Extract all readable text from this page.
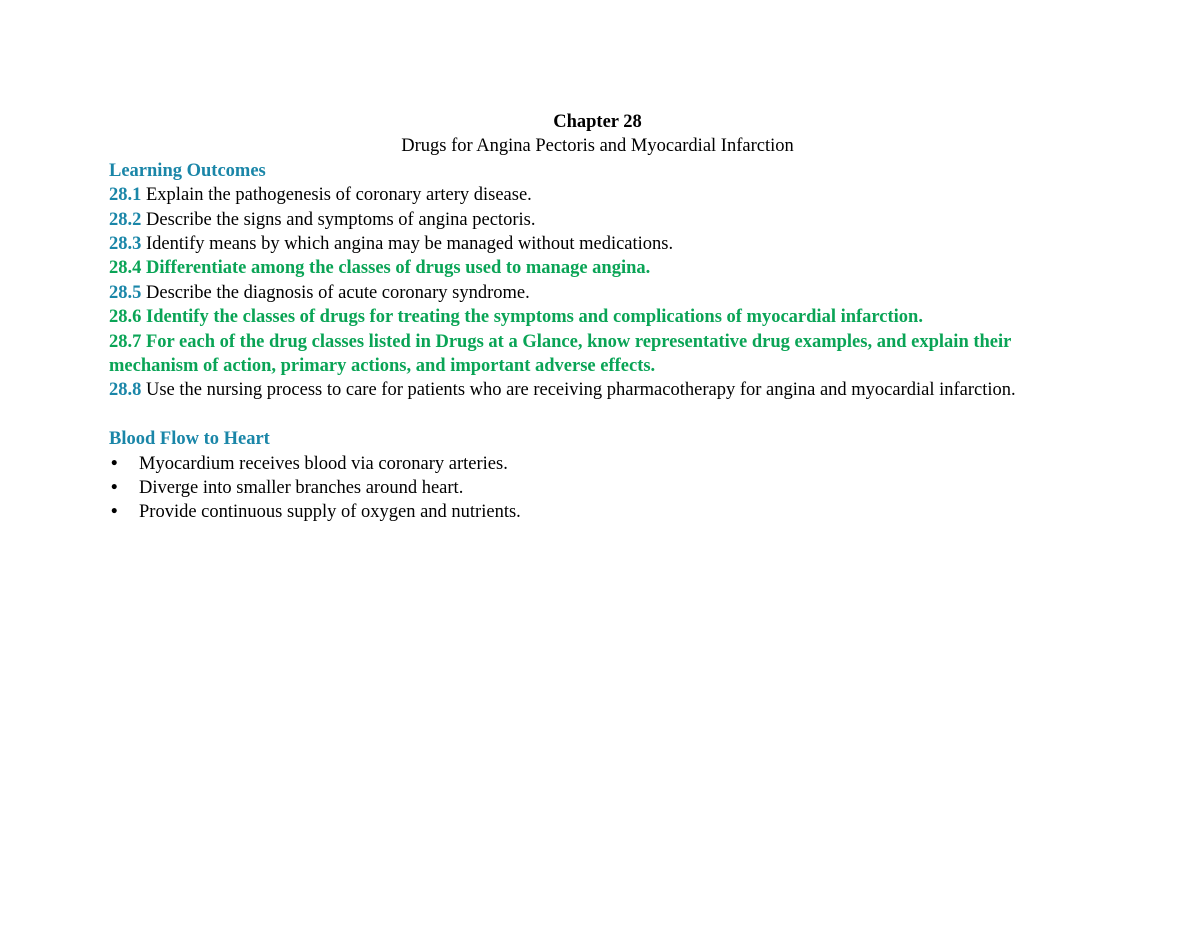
Chapter 28
Drugs for Angina Pectoris and Myocardial Infarction
Learning Outcomes
28.1 Explain the pathogenesis of coronary artery disease.
28.2 Describe the signs and symptoms of angina pectoris.
28.3 Identify means by which angina may be managed without medications.
28.4 Differentiate among the classes of drugs used to manage angina.
28.5 Describe the diagnosis of acute coronary syndrome.
28.6 Identify the classes of drugs for treating the symptoms and complications of myocardial infarction.
28.7 For each of the drug classes listed in Drugs at a Glance, know representative drug examples, and explain their mechanism of action, primary actions, and important adverse effects.
28.8 Use the nursing process to care for patients who are receiving pharmacotherapy for angina and myocardial infarction.
Blood Flow to Heart
• Myocardium receives blood via coronary arteries.
• Diverge into smaller branches around heart.
• Provide continuous supply of oxygen and nutrients.
